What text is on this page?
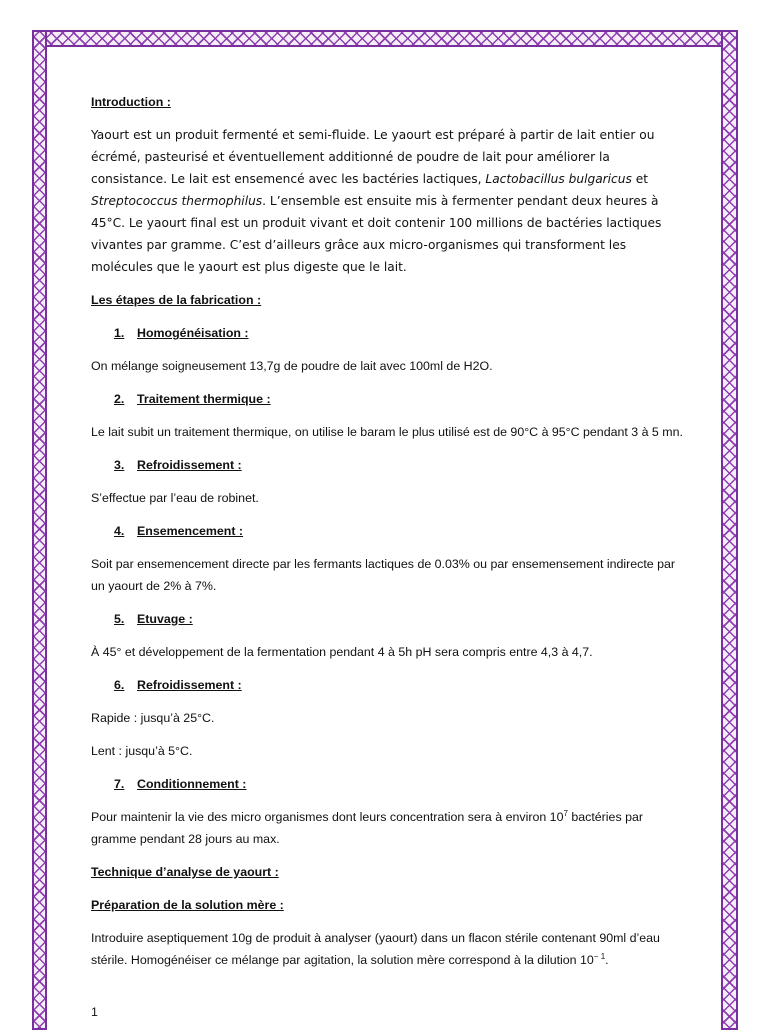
Introduction :

Yaourt est un produit fermenté et semi-fluide. Le yaourt est préparé à partir de lait entier ou écrémé, pasteurisé et éventuellement additionné de poudre de lait pour améliorer la consistance. Le lait est ensemencé avec les bactéries lactiques, Lactobacillus bulgaricus et Streptococcus thermophilus. L’ensemble est ensuite mis à fermenter pendant deux heures à 45°C. Le yaourt final est un produit vivant et doit contenir 100 millions de bactéries lactiques vivantes par gramme. C’est d’ailleurs grâce aux micro-organismes qui transforment les molécules que le yaourt est plus digeste que le lait.

Les étapes de la fabrication :

1. Homogénéisation :

On mélange soigneusement 13,7g de poudre de lait avec 100ml de H2O.

2. Traitement thermique :

Le lait subit un traitement thermique, on utilise le baram le plus utilisé est de 90°C à 95°C pendant 3 à 5 mn.

3. Refroidissement :

S’effectue par l’eau de robinet.

4. Ensemencement :

Soit par ensemencement directe par les fermants lactiques de 0.03% ou par ensemensement indirecte par un yaourt de 2% à 7%.

5. Etuvage :

À 45° et développement de la fermentation pendant 4 à 5h pH sera compris entre 4,3 à 4,7.

6. Refroidissement :

Rapide : jusqu’à 25°C.

Lent : jusqu’à 5°C.

7. Conditionnement :

Pour maintenir la vie des micro organismes dont leurs concentration sera à environ $10^7$ bactéries par gramme pendant 28 jours au max.

Technique d’analyse de yaourt :

Préparation de la solution mère :

Introduire aseptiquement 10g de produit à analyser (yaourt) dans un flacon stérile contenant 90ml d’eau stérile. Homogénéiser ce mélange par agitation, la solution mère correspond à la dilution $10^{- 1}$.

1
